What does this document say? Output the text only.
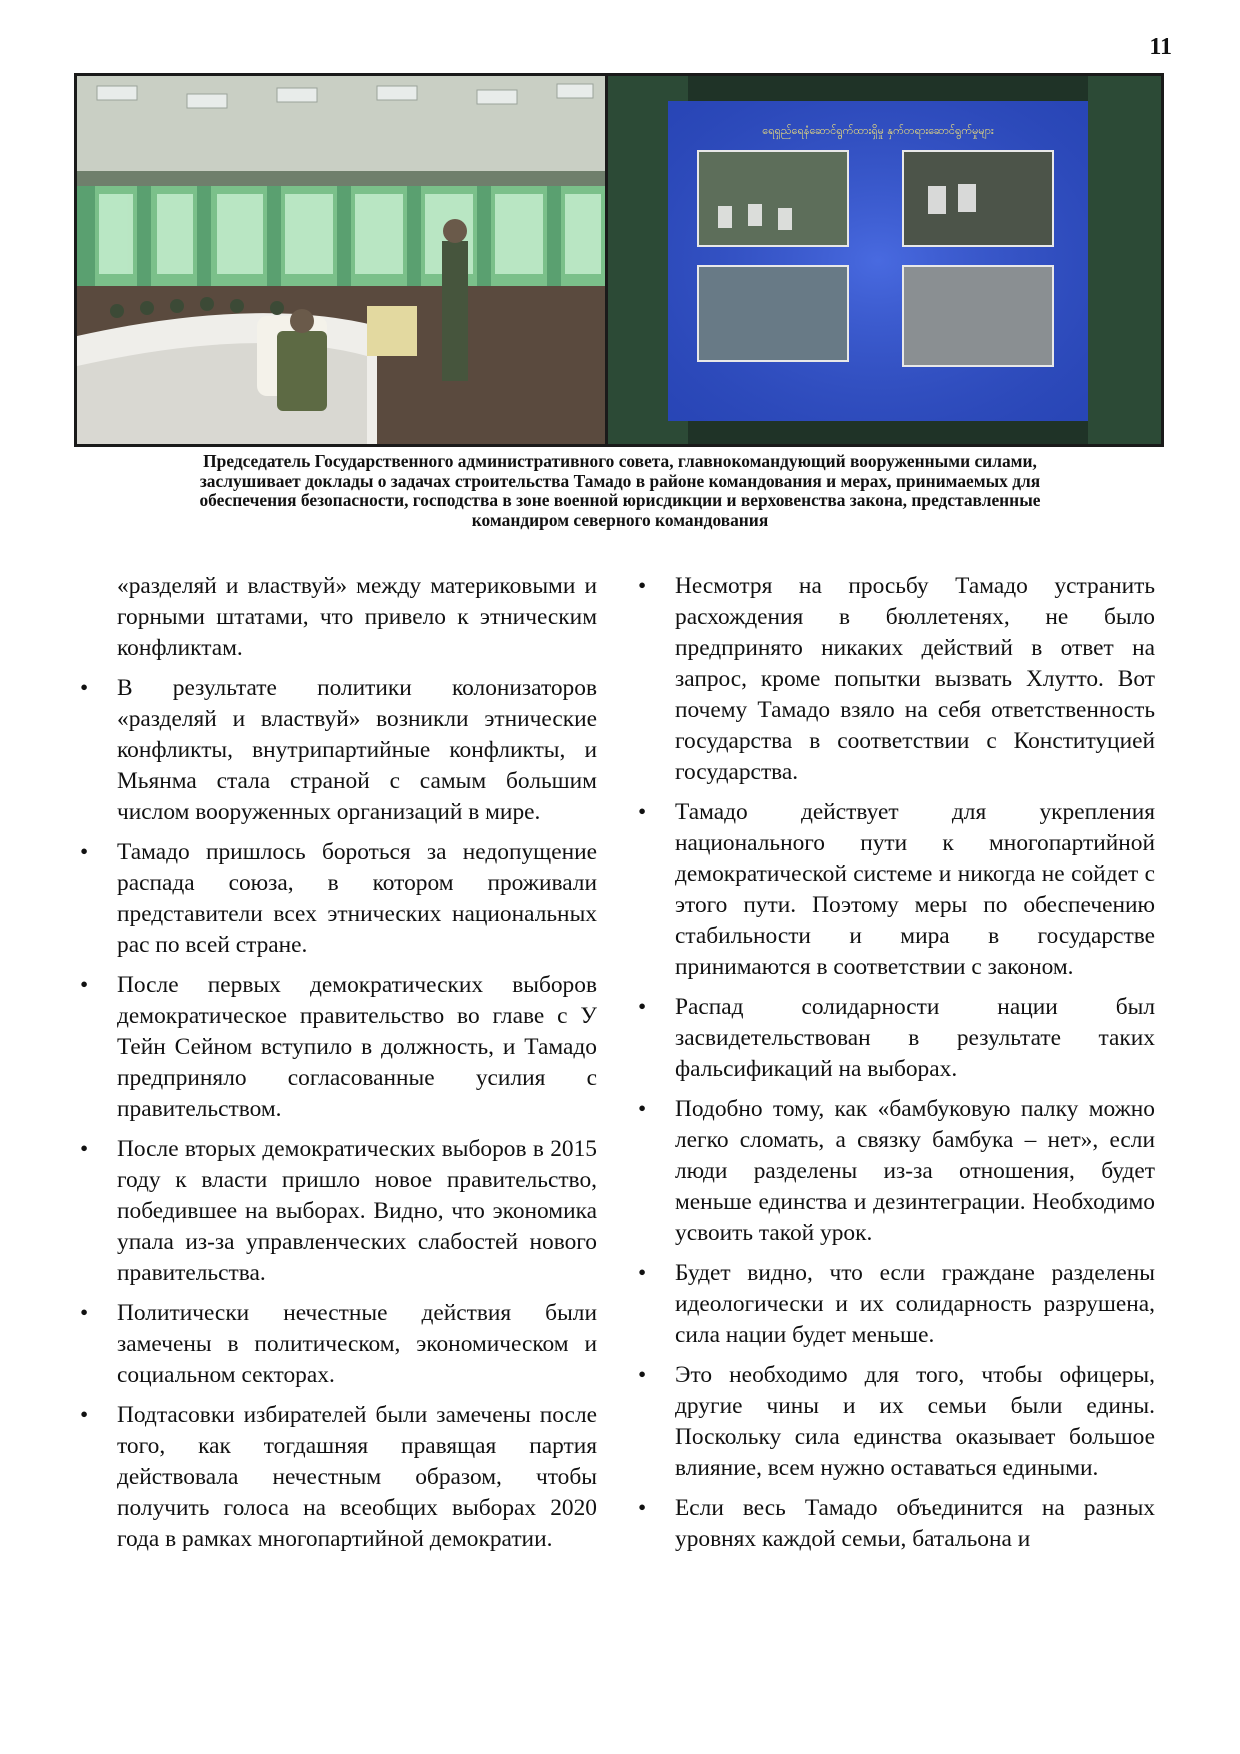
11
ရေရှည်ရေနံဆောင်ရွက်ထားရှိမှု နှက်တရားဆောင်ရွက်မှုများ

Председатель Государственного административного совета, главнокомандующий вооруженными силами,

заслушивает доклады о задачах строительства Тамадо в районе командования и мерах, принимаемых для

обеспечения безопасности, господства в зоне военной юрисдикции и верховенства закона, представленные

командиром северного командования

«разделяй и властвуй» между материковыми и горными штатами, что привело к этническим конфликтам.

• В результате политики колонизаторов «разделяй и властвуй» возникли этнические конфликты, внутрипартийные конфликты, и Мьянма стала страной с самым большим числом вооруженных организаций в мире.

• Тамадо пришлось бороться за недопущение распада союза, в котором проживали представители всех этнических национальных рас по всей стране.

• После первых демократических выборов демократическое правительство во главе с У Тейн Сейном вступило в должность, и Тамадо предприняло согласованные усилия с правительством.

• После вторых демократических выборов в 2015 году к власти пришло новое правительство, победившее на выборах. Видно, что экономика упала из-за управленческих слабостей нового правительства.

• Политически нечестные действия были замечены в политическом, экономическом и социальном секторах.

• Подтасовки избирателей были замечены после того, как тогдашняя правящая партия действовала нечестным образом, чтобы получить голоса на всеобщих выборах 2020 года в рамках многопартийной демократии.

• Несмотря на просьбу Тамадо устранить расхождения в бюллетенях, не было предпринято никаких действий в ответ на запрос, кроме попытки вызвать Хлутто. Вот почему Тамадо взяло на себя ответственность государства в соответствии с Конституцией государства.

• Тамадо действует для укрепления национального пути к многопартийной демократической системе и никогда не сойдет с этого пути. Поэтому меры по обеспечению стабильности и мира в государстве принимаются в соответствии с законом.

• Распад солидарности нации был засвидетельствован в результате таких фальсификаций на выборах.

• Подобно тому, как «бамбуковую палку можно легко сломать, а связку бамбука – нет», если люди разделены из-за отношения, будет меньше единства и дезинтеграции. Необходимо усвоить такой урок.

• Будет видно, что если граждане разделены идеологически и их солидарность разрушена, сила нации будет меньше.

• Это необходимо для того, чтобы офицеры, другие чины и их семьи были едины. Поскольку сила единства оказывает большое влияние, всем нужно оставаться едиными.

• Если весь Тамадо объединится на разных уровнях каждой семьи, батальона и
